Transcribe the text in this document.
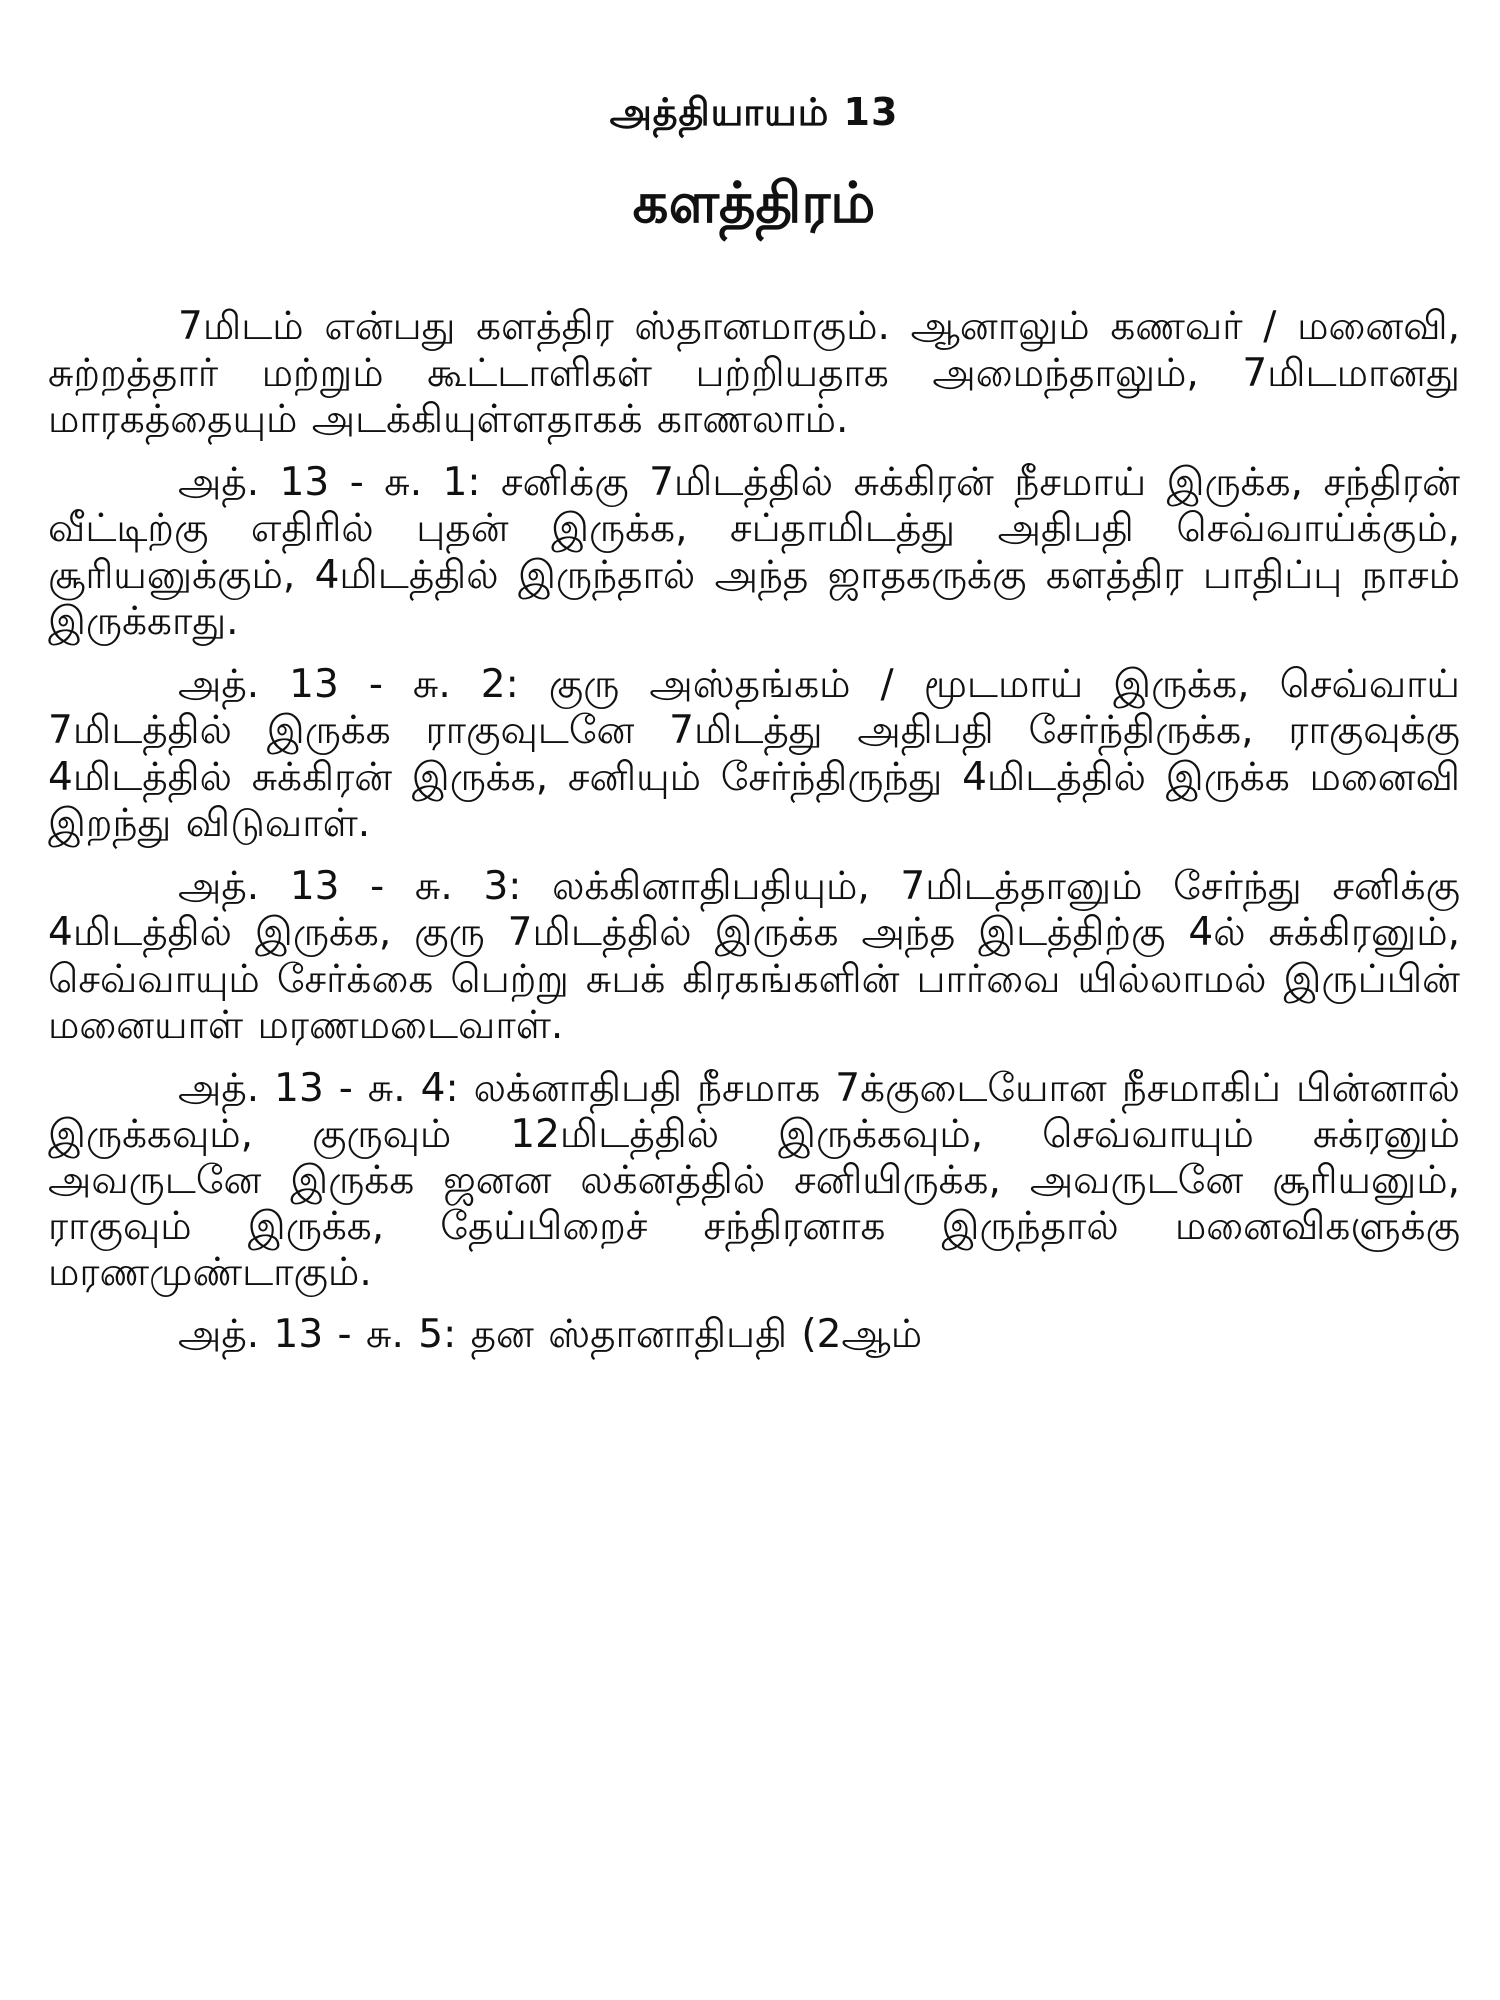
அத்தியாயம் 13
களத்திரம்

7மிடம் என்பது களத்திர ஸ்தானமாகும். ஆனாலும் கணவர் / மனைவி, சுற்றத்தார் மற்றும் கூட்டாளிகள் பற்றியதாக அமைந்தாலும், 7மிடமானது மாரகத்தையும் அடக்கியுள்ளதாகக் காணலாம்.

அத். 13 - சு. 1: சனிக்கு 7மிடத்தில் சுக்கிரன் நீசமாய் இருக்க, சந்திரன் வீட்டிற்கு எதிரில் புதன் இருக்க, சப்தாமிடத்து அதிபதி செவ்வாய்க்கும், சூரியனுக்கும், 4மிடத்தில் இருந்தால் அந்த ஜாதகருக்கு களத்திர பாதிப்பு நாசம் இருக்காது.

அத். 13 - சு. 2: குரு அஸ்தங்கம் / மூடமாய் இருக்க, செவ்வாய் 7மிடத்தில் இருக்க ராகுவுடனே 7மிடத்து அதிபதி சேர்ந்திருக்க, ராகுவுக்கு 4மிடத்தில் சுக்கிரன் இருக்க, சனியும் சேர்ந்திருந்து 4மிடத்தில் இருக்க மனைவி இறந்து விடுவாள்.

அத். 13 - சு. 3: லக்கினாதிபதியும், 7மிடத்தானும் சேர்ந்து சனிக்கு 4மிடத்தில் இருக்க, குரு 7மிடத்தில் இருக்க அந்த இடத்திற்கு 4ல் சுக்கிரனும், செவ்வாயும் சேர்க்கை பெற்று சுபக் கிரகங்களின் பார்வை யில்லாமல் இருப்பின் மனையாள் மரணமடைவாள்.

அத். 13 - சு. 4: லக்னாதிபதி நீசமாக 7க்குடையோன நீசமாகிப் பின்னால் இருக்கவும், குருவும் 12மிடத்தில் இருக்கவும், செவ்வாயும் சுக்ரனும் அவருடனே இருக்க ஜனன லக்னத்தில் சனியிருக்க, அவருடனே சூரியனும், ராகுவும் இருக்க, தேய்பிறைச் சந்திரனாக இருந்தால் மனைவிகளுக்கு மரணமுண்டாகும்.

அத். 13 - சு. 5: தன ஸ்தானாதிபதி (2ஆம்
